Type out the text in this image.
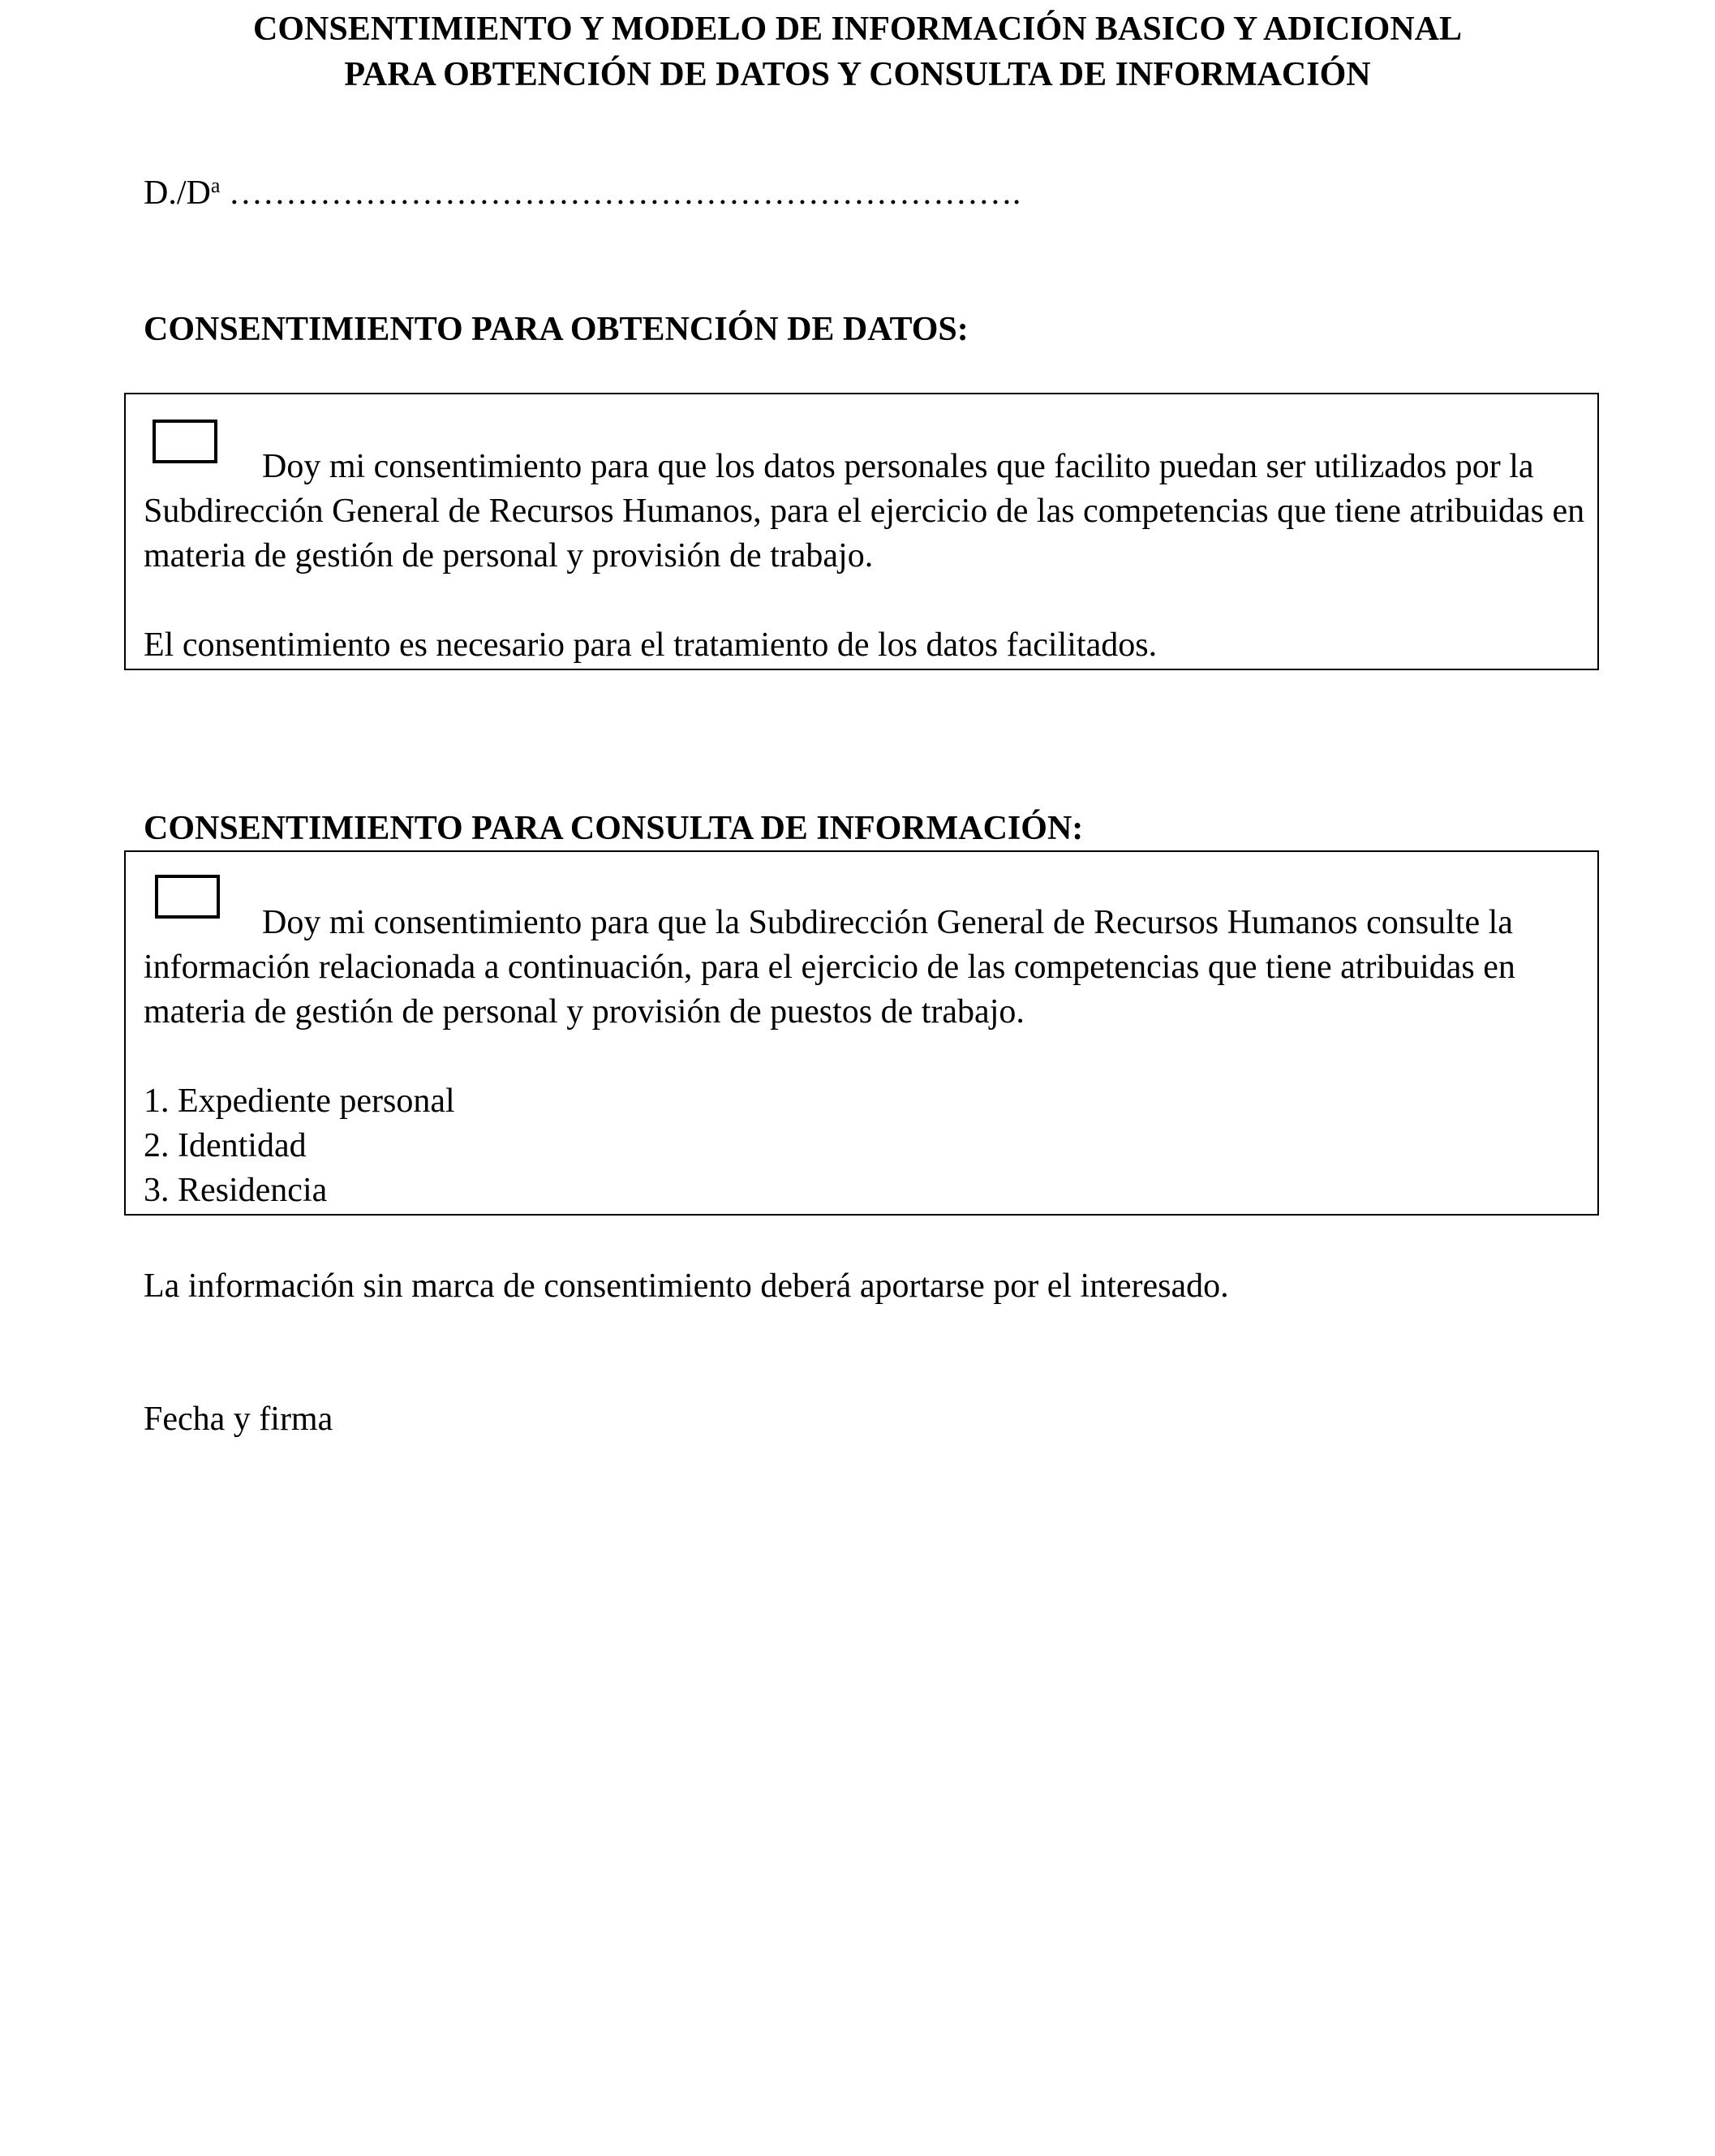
CONSENTIMIENTO Y MODELO DE INFORMACIÓN BASICO Y ADICIONAL
PARA OBTENCIÓN DE DATOS Y CONSULTA DE INFORMACIÓN
$D./D^a$ …………………………………………………………….
CONSENTIMIENTO PARA OBTENCIÓN DE DATOS:

Doy mi consentimiento para que los datos personales que facilito puedan ser utilizados por la Subdirección General de Recursos Humanos, para el ejercicio de las competencias que tiene atribuidas en materia de gestión de personal y provisión de trabajo.

El consentimiento es necesario para el tratamiento de los datos facilitados.

CONSENTIMIENTO PARA CONSULTA DE INFORMACIÓN:

Doy mi consentimiento para que la Subdirección General de Recursos Humanos consulte la información relacionada a continuación, para el ejercicio de las competencias que tiene atribuidas en materia de gestión de personal y provisión de puestos de trabajo.

1. Expediente personal
2. Identidad
3. Residencia

La información sin marca de consentimiento deberá aportarse por el interesado.

Fecha y firma
